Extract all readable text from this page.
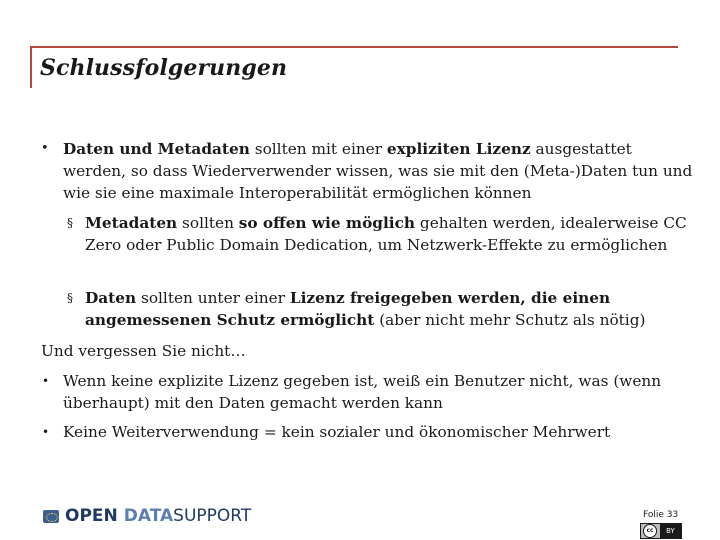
Schlussfolgerungen
• Daten und Metadaten sollten mit einer expliziten Lizenz ausgestattet werden, so dass Wiederverwender wissen, was sie mit den (Meta-)Daten tun und wie sie eine maximale Interoperabilität ermöglichen können
§ Metadaten sollten so offen wie möglich gehalten werden, idealerweise CC Zero oder Public Domain Dedication, um Netzwerk-Effekte zu ermöglichen
§ Daten sollten unter einer Lizenz freigegeben werden, die einen angemessenen Schutz ermöglicht (aber nicht mehr Schutz als nötig)
Und vergessen Sie nicht…
• Wenn keine explizite Lizenz gegeben ist, weiß ein Benutzer nicht, was (wenn überhaupt) mit den Daten gemacht werden kann
• Keine Weiterverwendung = kein sozialer und ökonomischer Mehrwert
OPEN DATA SUPPORT	Folie 33
cc	BY
